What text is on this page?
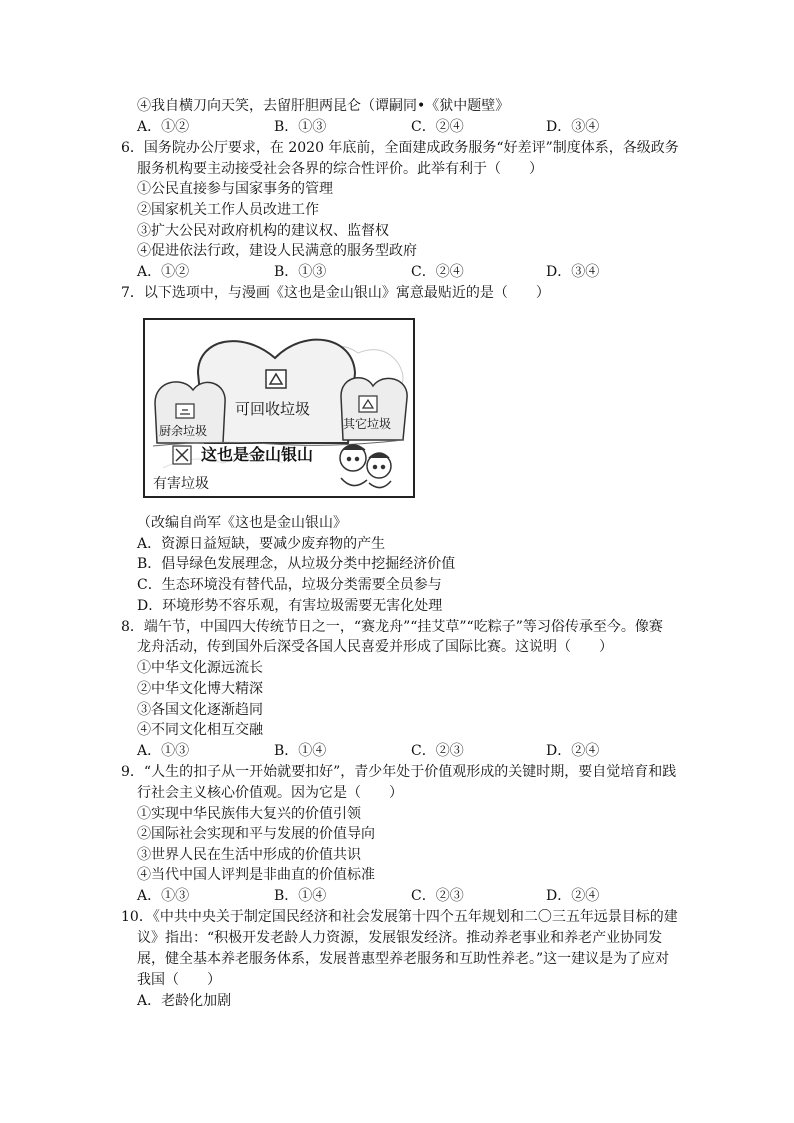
④我自横刀向天笑，去留肝胆两昆仑（谭嗣同•《狱中题壁》
A．①②	B．①③	C．②④	D．③④
6．国务院办公厅要求，在 2020 年底前，全面建成政务服务“好差评”制度体系，各级政务
服务机构要主动接受社会各界的综合性评价。此举有利于（　　）
①公民直接参与国家事务的管理
②国家机关工作人员改进工作
③扩大公民对政府机构的建议权、监督权
④促进依法行政，建设人民满意的服务型政府
A．①②	B．①③	C．②④	D．③④
7．以下选项中，与漫画《这也是金山银山》寓意最贴近的是（　　）
可回收垃圾
厨余垃圾	其它垃圾
这也是金山银山
有害垃圾
（改编自尚军《这也是金山银山》
A．资源日益短缺，要减少废弃物的产生
B．倡导绿色发展理念，从垃圾分类中挖掘经济价值
C．生态环境没有替代品，垃圾分类需要全员参与
D．环境形势不容乐观，有害垃圾需要无害化处理
8．端午节，中国四大传统节日之一，“赛龙舟”“挂艾草”“吃粽子”等习俗传承至今。像赛
龙舟活动，传到国外后深受各国人民喜爱并形成了国际比赛。这说明（　　）
①中华文化源远流长
②中华文化博大精深
③各国文化逐渐趋同
④不同文化相互交融
A．①③	B．①④	C．②③	D．②④
9．“人生的扣子从一开始就要扣好”，青少年处于价值观形成的关键时期，要自觉培育和践
行社会主义核心价值观。因为它是（　　）
①实现中华民族伟大复兴的价值引领
②国际社会实现和平与发展的价值导向
③世界人民在生活中形成的价值共识
④当代中国人评判是非曲直的价值标准
A．①③	B．①④	C．②③	D．②④
10．《中共中央关于制定国民经济和社会发展第十四个五年规划和二〇三五年远景目标的建
议》指出：“积极开发老龄人力资源，发展银发经济。推动养老事业和养老产业协同发
展，健全基本养老服务体系，发展普惠型养老服务和互助性养老。”这一建议是为了应对
我国（　　）
A．老龄化加剧
